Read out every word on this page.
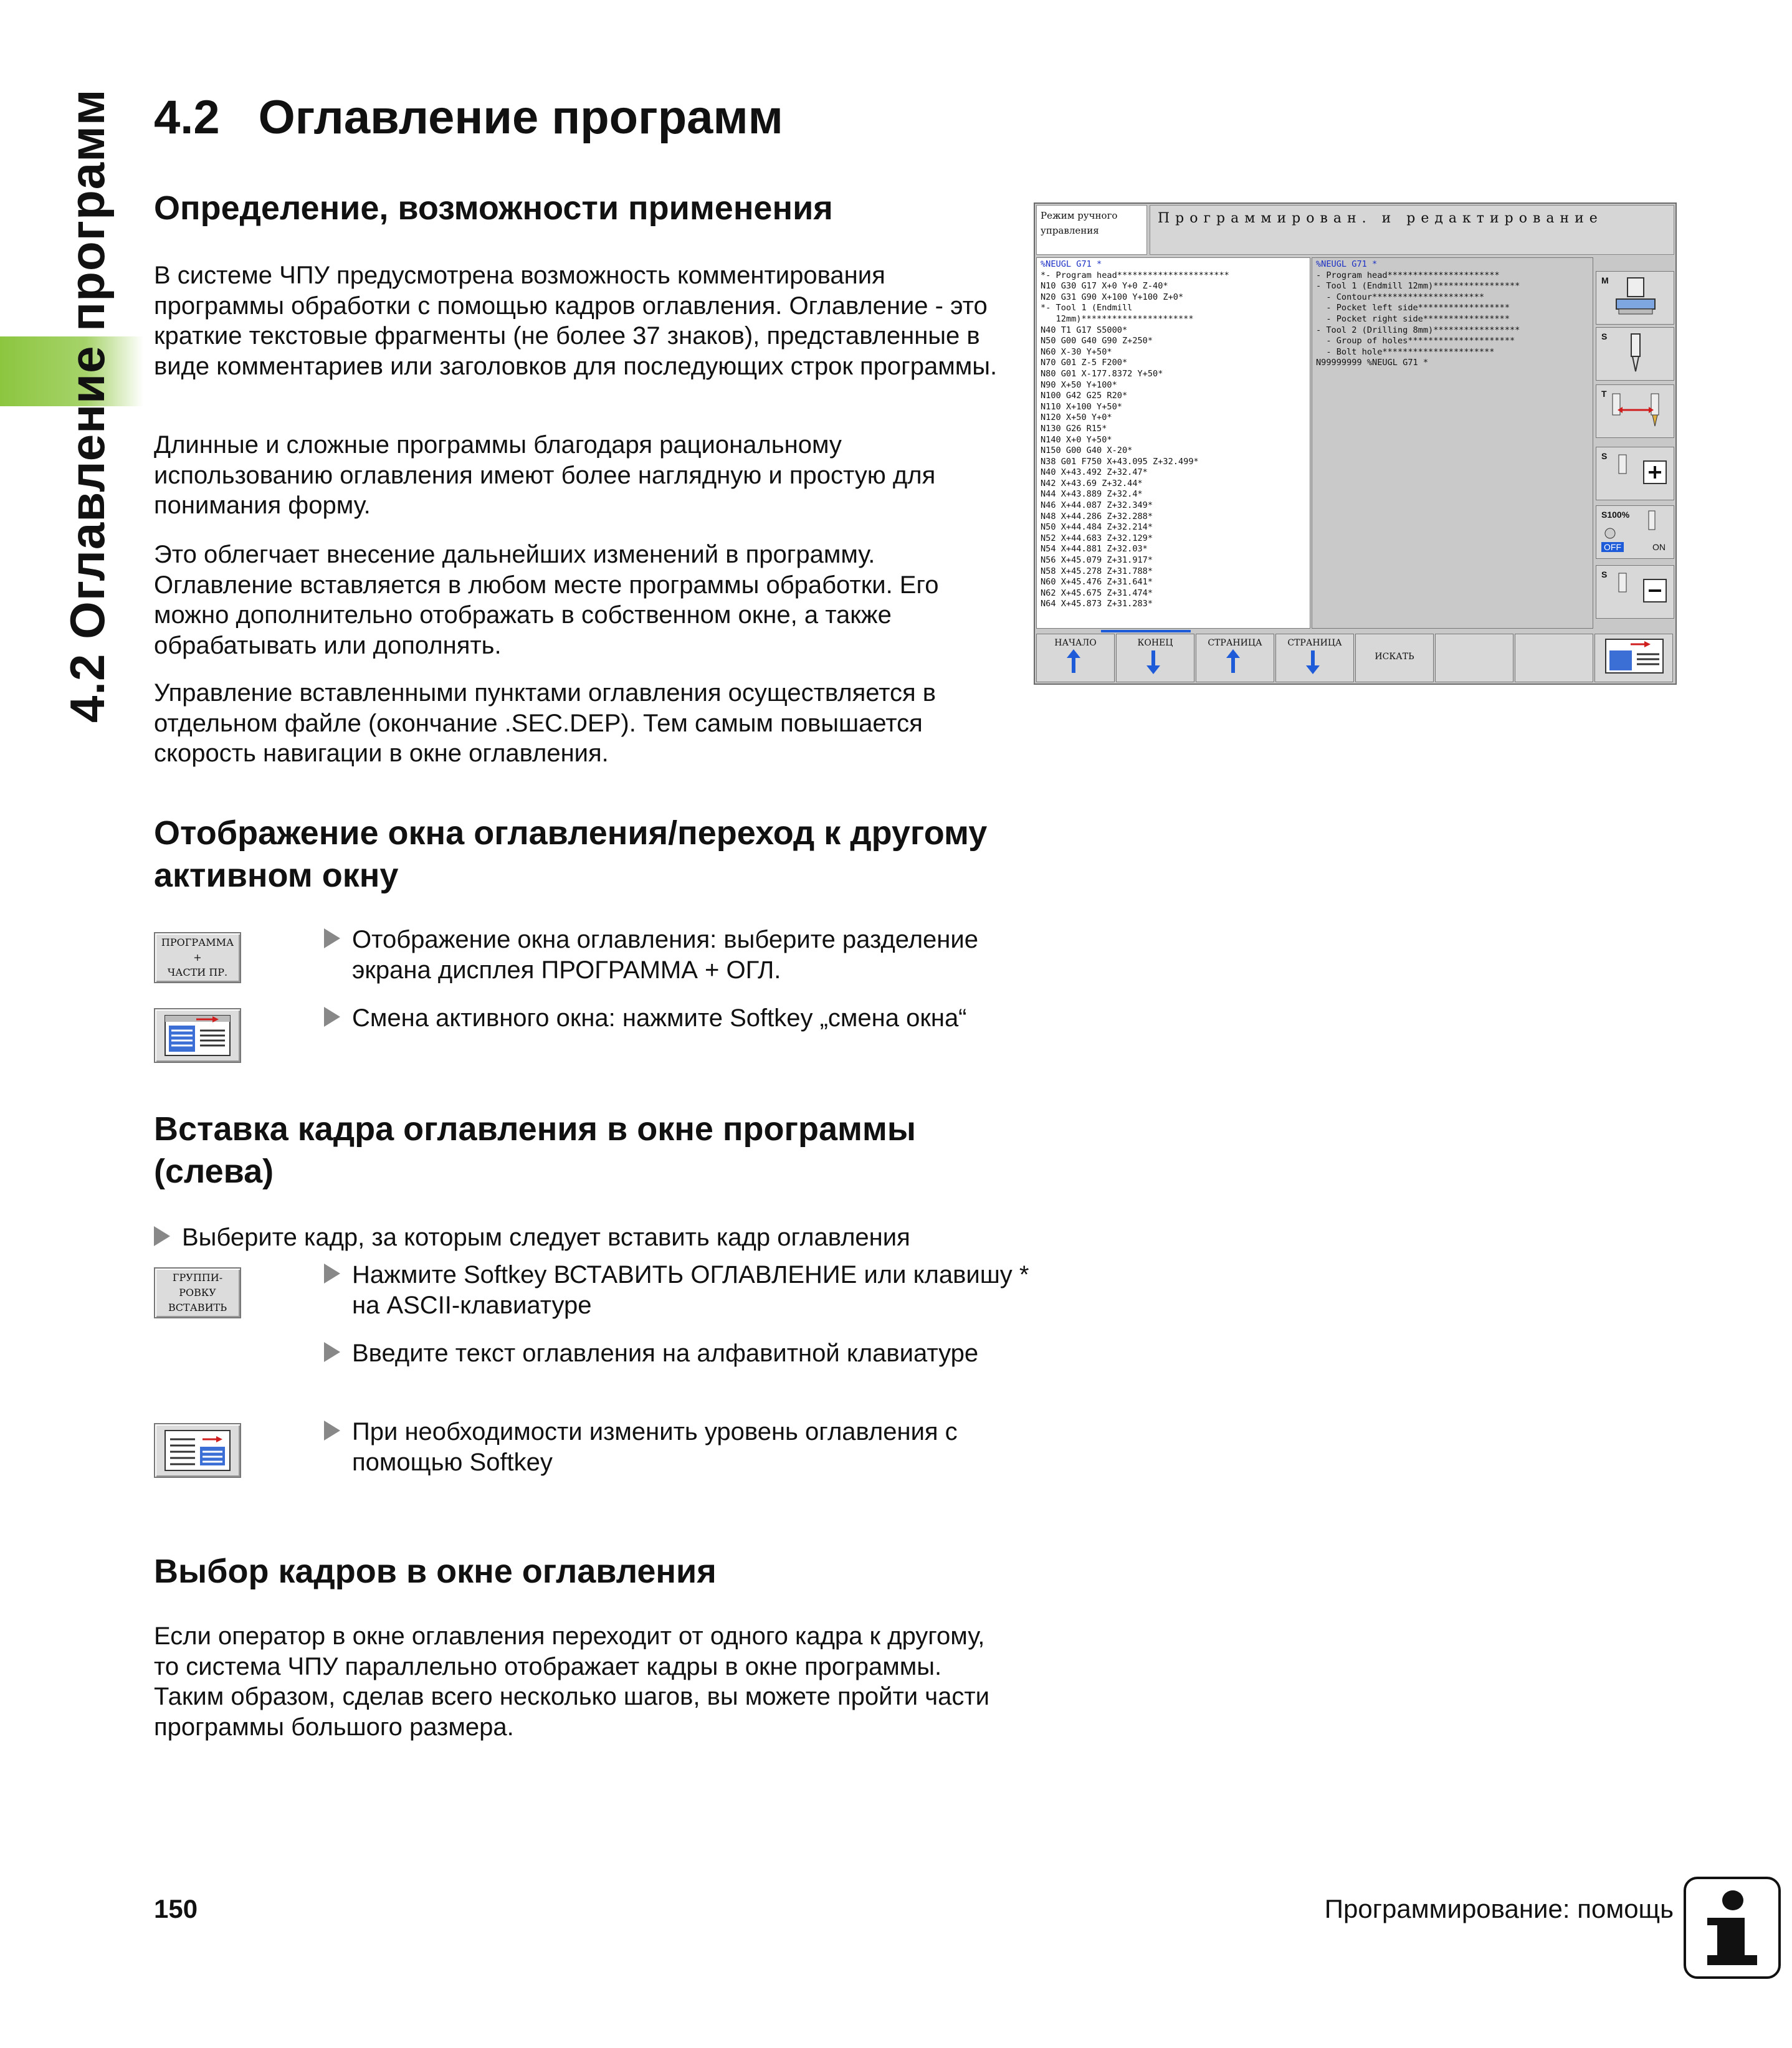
4.2 Оглавление программ 4.2 Оглавление программ
Определение, возможности применения

В системе ЧПУ предусмотрена возможность комментирования программы обработки с помощью кадров оглавления. Оглавление - это краткие текстовые фрагменты (не более 37 знаков), представленные в виде комментариев или заголовков для последующих строк программы.

Длинные и сложные программы благодаря рациональному использованию оглавления имеют более наглядную и простую для понимания форму.

Это облегчает внесение дальнейших изменений в программу. Оглавление вставляется в любом месте программы обработки. Его можно дополнительно отображать в собственном окне, а также обрабатывать или дополнять.

Управление вставленными пунктами оглавления осуществляется в отдельном файле (окончание .SEC.DEP). Тем самым повышается скорость навигации в окне оглавления.

Отображение окна оглавления/переход к другому активном окну
ПРОГРАММА
+
ЧАСТИ ПР.
Отображение окна оглавления: выберите разделение экрана дисплея ПРОГРАММА + ОГЛ.
Смена активного окна: нажмите Softkey „смена окна“
Вставка кадра оглавления в окне программы (слева)
Выберите кадр, за которым следует вставить кадр оглавления
ГРУППИ-
РОВКУ
ВСТАВИТЬ
Нажмите Softkey ВСТАВИТЬ ОГЛАВЛЕНИЕ или клавишу * на ASCII-клавиатуре
Введите текст оглавления на алфавитной клавиатуре
При необходимости изменить уровень оглавления с помощью Softkey
Выбор кадров в окне оглавления

Если оператор в окне оглавления переходит от одного кадра к другому, то система ЧПУ параллельно отображает кадры в окне программы. Таким образом, сделав всего несколько шагов, вы можете пройти части программы большого размера.

Режим ручного управления
Программирован. и редактирование
%NEUGL G71 *
*- Program head**********************
N10 G30 G17 X+0 Y+0 Z-40*
N20 G31 G90 X+100 Y+100 Z+0*
*- Tool 1 (Endmill
12mm)**********************
N40 T1 G17 S5000*
N50 G00 G40 G90 Z+250*
N60 X-30 Y+50*
N70 G01 Z-5 F200*
N80 G01 X-177.8372 Y+50*
N90 X+50 Y+100*
N100 G42 G25 R20*
N110 X+100 Y+50*
N120 X+50 Y+0*
N130 G26 R15*
N140 X+0 Y+50*
N150 G00 G40 X-20*
N38 G01 F750 X+43.095 Z+32.499*
N40 X+43.492 Z+32.47*
N42 X+43.69 Z+32.44*
N44 X+43.889 Z+32.4*
N46 X+44.087 Z+32.349*
N48 X+44.286 Z+32.288*
N50 X+44.484 Z+32.214*
N52 X+44.683 Z+32.129*
N54 X+44.881 Z+32.03*
N56 X+45.079 Z+31.917*
N58 X+45.278 Z+31.788*
N60 X+45.476 Z+31.641*
N62 X+45.675 Z+31.474*
N64 X+45.873 Z+31.283*
%NEUGL G71 *
- Program head**********************
- Tool 1 (Endmill 12mm)*****************
- Contour**********************
- Pocket left side******************
- Pocket right side*****************
- Tool 2 (Drilling 8mm)*****************
- Group of holes*********************
- Bolt hole**********************
N99999999 %NEUGL G71 *
M
S
T
S
S100%
OFF	ON
S
НАЧАЛО	КОНЕЦ	СТРАНИЦА	СТРАНИЦА
ИСКАТЬ
150	Программирование: помощь
